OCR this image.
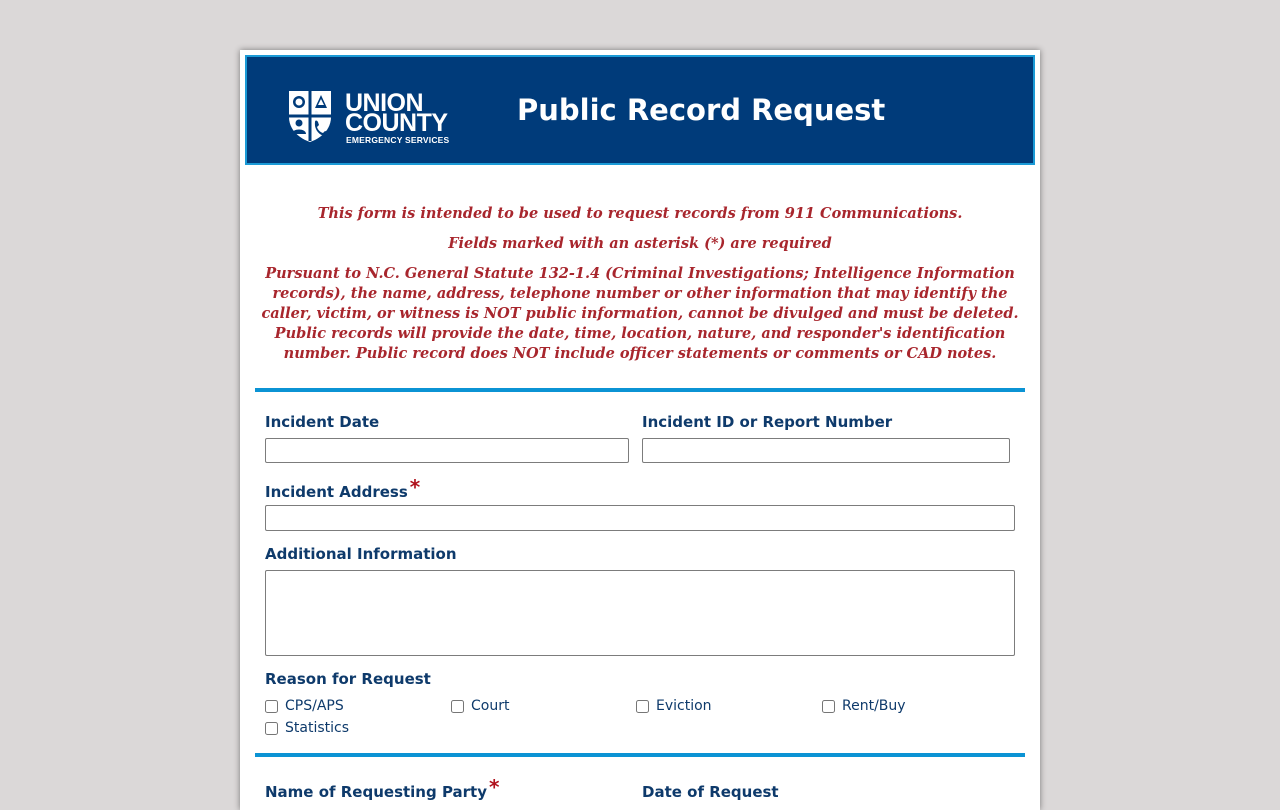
UNION
COUNTY
EMERGENCY SERVICES
Public Record Request
This form is intended to be used to request records from 911 Communications.
Fields marked with an asterisk (*) are required
Pursuant to N.C. General Statute 132-1.4 (Criminal Investigations; Intelligence Information records), the name, address, telephone number or other information that may identify the caller, victim, or witness is NOT public information, cannot be divulged and must be deleted. Public records will provide the date, time, location, nature, and responder's identification number. Public record does NOT include officer statements or comments or CAD notes.
Incident Date	Incident ID or Report Number
Incident Address *
Additional Information
Reason for Request
CPS/APS	Court	Eviction	Rent/Buy
Statistics
Name of Requesting Party *	Date of Request
